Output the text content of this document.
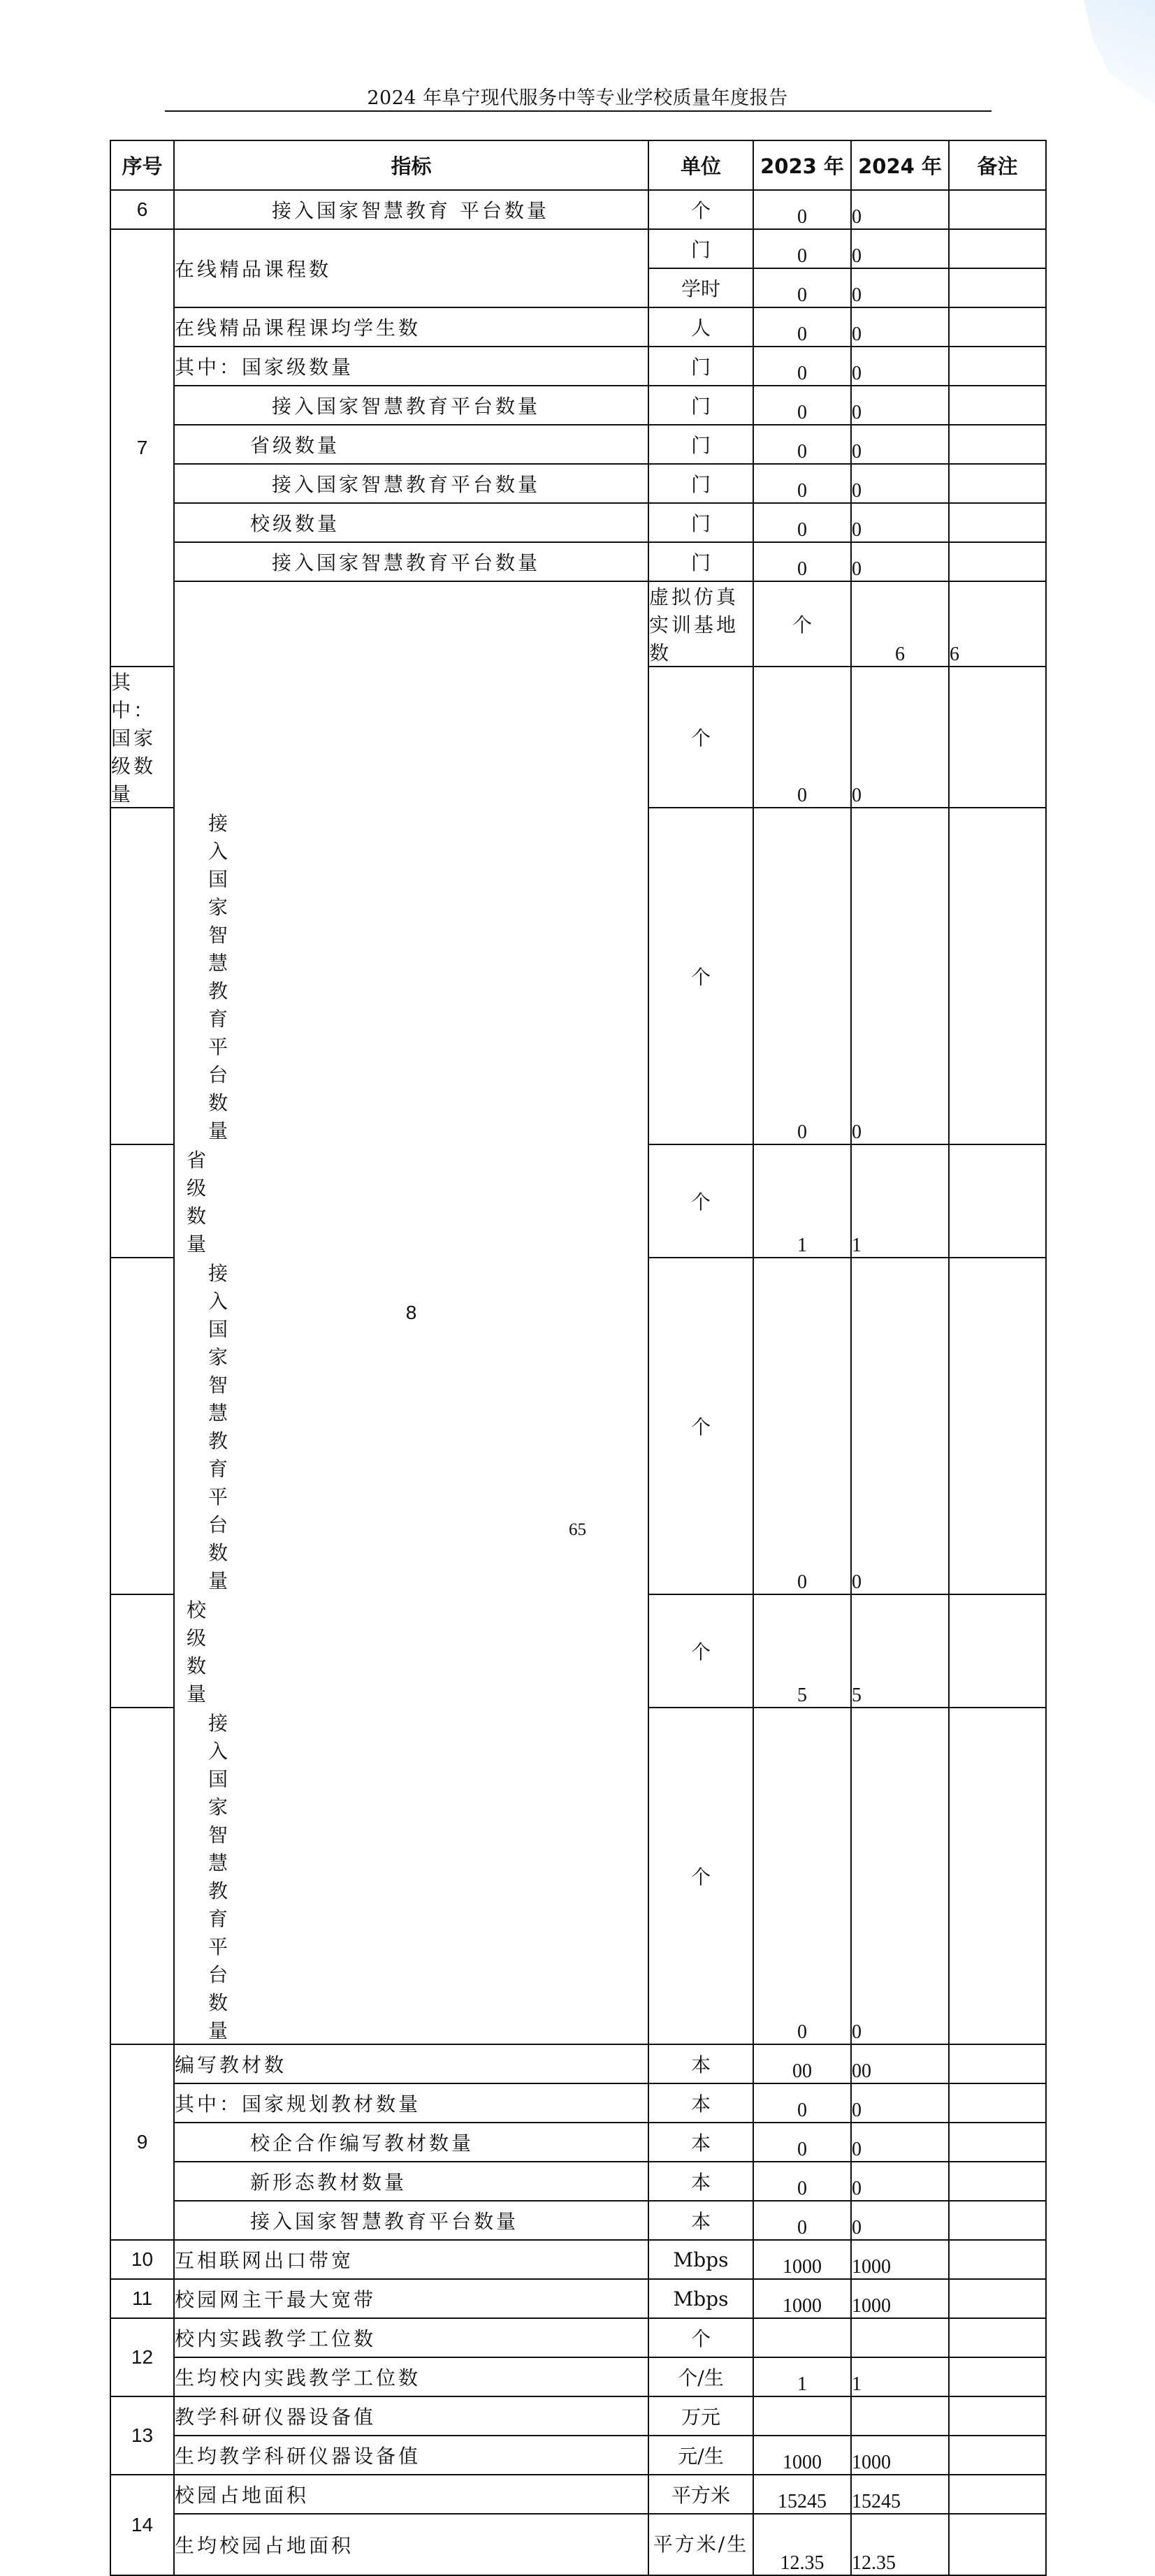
2024 年阜宁现代服务中等专业学校质量年度报告
序号	指标	单位	2023 年	2024 年	备注	
6	接入国家智慧教育 平台数量	个	0	0		
7	在线精品课程数	门	0	0		
		学时	0	0		
	在线精品课程课均学生数	人	0	0		
	其中：国家级数量	门	0	0		
	接入国家智慧教育平台数量	门	0	0		
	省级数量	门	0	0		
	接入国家智慧教育平台数量	门	0	0		
	校级数量	门	0	0		
	接入国家智慧教育平台数量	门	0	0		
	8	虚拟仿真实训基地数	个	6	6	
其中：国家级数量		个	0	0		
接入国家智慧教育平台数量		个	0	0		
省级数量		个	1	1		
接入国家智慧教育平台数量		个	0	0		
校级数量		个	5	5		
接入国家智慧教育平台数量		个	0	0		
9	编写教材数	本	00	00		
	其中：国家规划教材数量	本	0	0		
	校企合作编写教材数量	本	0	0		
	新形态教材数量	本	0	0		
	接入国家智慧教育平台数量	本	0	0		
10	互相联网出口带宽	Mbps	1000	1000		
11	校园网主干最大宽带	Mbps	1000	1000		
12	校内实践教学工位数	个				
	生均校内实践教学工位数	个/生	1	1		
13	教学科研仪器设备值	万元				
	生均教学科研仪器设备值	元/生	1000	1000		
14	校园占地面积	平方米	15245	15245		
	生均校园占地面积	平方米/生	12.35	12.35		
65
